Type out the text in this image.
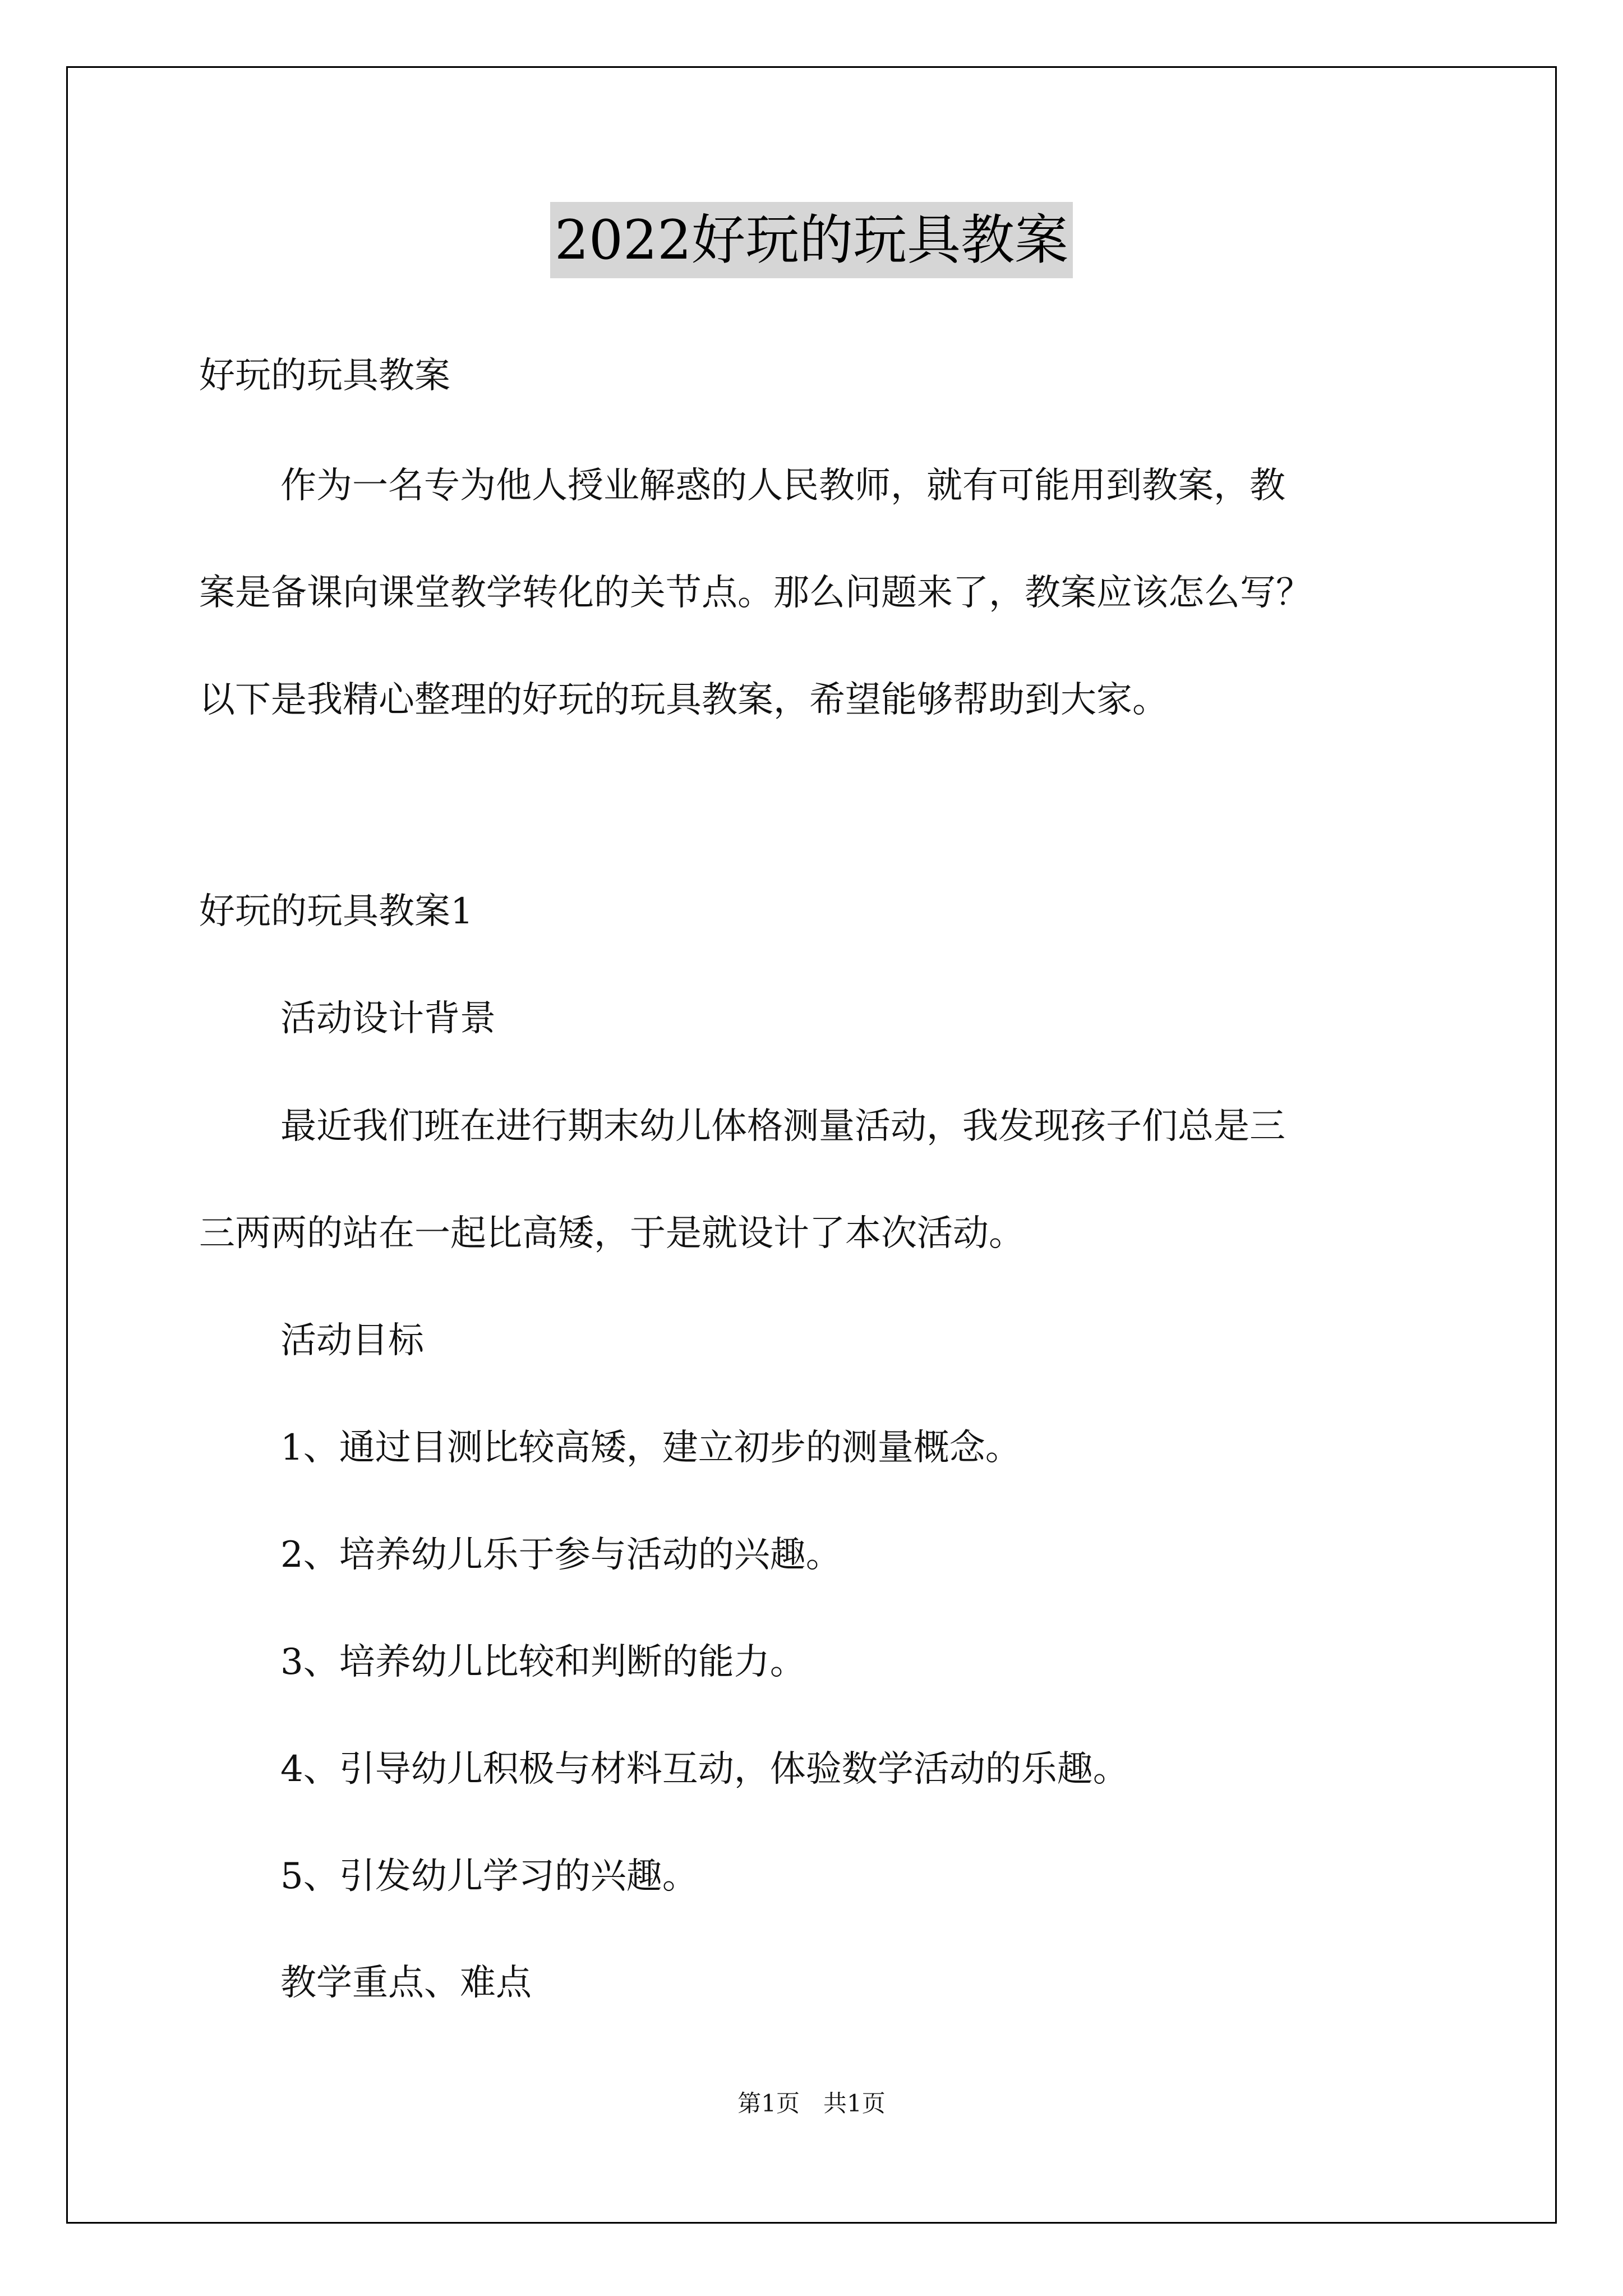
2022好玩的玩具教案
好玩的玩具教案
作为一名专为他人授业解惑的人民教师，就有可能用到教案，教
案是备课向课堂教学转化的关节点。那么问题来了，教案应该怎么写？
以下是我精心整理的好玩的玩具教案，希望能够帮助到大家。
好玩的玩具教案1
活动设计背景
最近我们班在进行期末幼儿体格测量活动，我发现孩子们总是三
三两两的站在一起比高矮，于是就设计了本次活动。
活动目标
1、通过目测比较高矮，建立初步的测量概念。
2、培养幼儿乐于参与活动的兴趣。
3、培养幼儿比较和判断的能力。
4、引导幼儿积极与材料互动，体验数学活动的乐趣。
5、引发幼儿学习的兴趣。
教学重点、难点
第1页　共1页
